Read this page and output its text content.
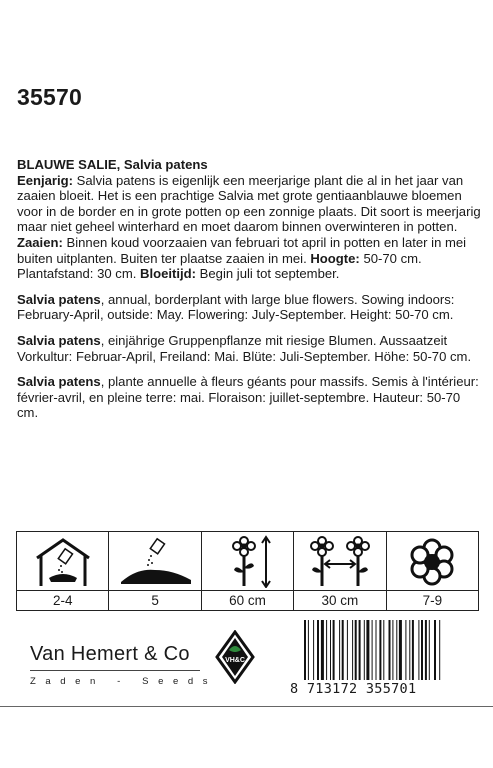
35570

BLAUWE SALIE, Salvia patens
Eenjarig: Salvia patens is eigenlijk een meerjarige plant die al in het jaar van zaaien bloeit. Het is een prachtige Salvia met grote gentiaanblauwe bloemen voor in de border en in grote potten op een zonnige plaats. Dit soort is meerjarig maar niet geheel winterhard en moet daarom binnen overwinteren in potten. Zaaien: Binnen koud voorzaaien van februari tot april in potten en later in mei buiten uitplanten. Buiten ter plaatse zaaien in mei. Hoogte: 50-70 cm. Plantafstand: 30 cm. Bloeitijd: Begin juli tot september.

Salvia patens, annual, borderplant with large blue flowers. Sowing indoors: February-April, outside: May. Flowering: July-September. Height: 50-70 cm.

Salvia patens, einjährige Gruppenpflanze mit riesige Blumen. Aussaatzeit Vorkultur: Februar-April, Freiland: Mai. Blüte: Juli-September. Höhe: 50-70 cm.

Salvia patens, plante annuelle à fleurs géants pour massifs. Semis à l'intérieur: février-avril, en pleine terre: mai. Floraison: juillet-septembre. Hauteur: 50-70 cm.

2-4	5	60 cm	30 cm	7-9
Van Hemert & Co
Zaden - Seeds
VH&C
8 713172 355701
